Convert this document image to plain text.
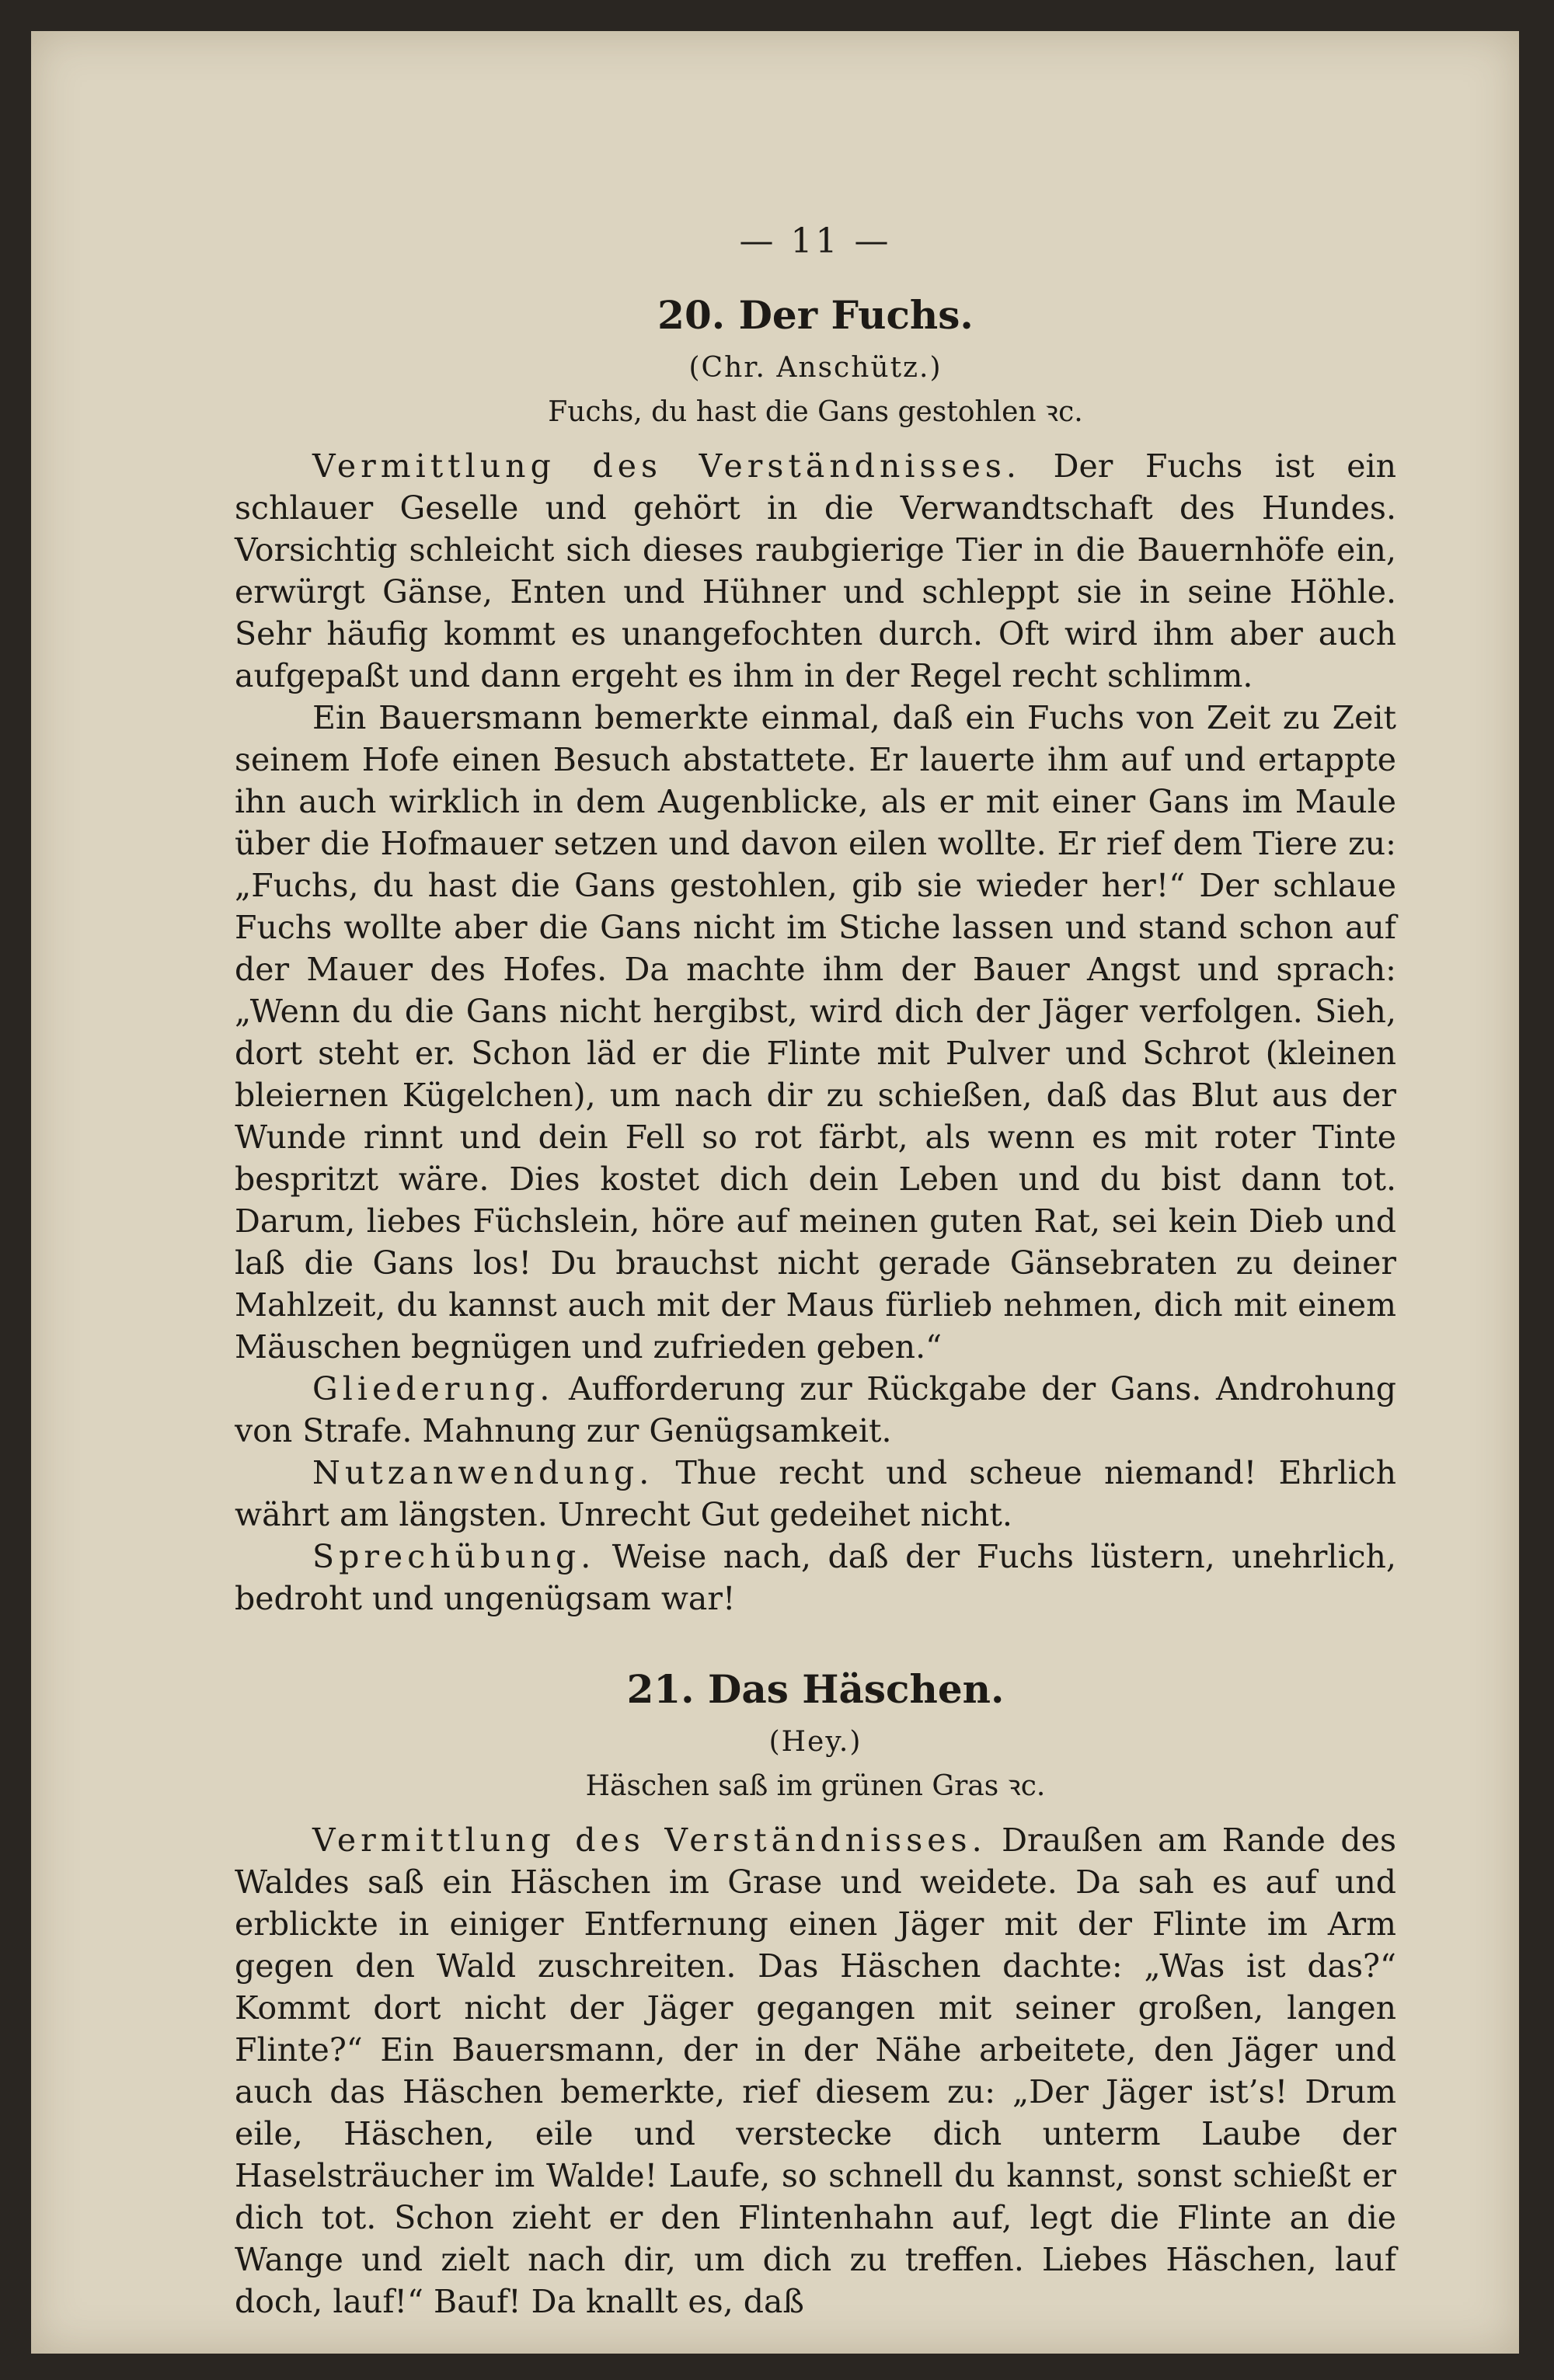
— 11 —
20. Der Fuchs.
(Chr. Anschütz.)
Fuchs, du hast die Gans gestohlen ꝛc.

Vermittlung des Verständnisses. Der Fuchs ist ein schlauer Geselle und gehört in die Verwandtschaft des Hundes. Vorsichtig schleicht sich dieses raubgierige Tier in die Bauernhöfe ein, erwürgt Gänse, Enten und Hühner und schleppt sie in seine Höhle. Sehr häufig kommt es unangefochten durch. Oft wird ihm aber auch aufgepaßt und dann ergeht es ihm in der Regel recht schlimm.

Ein Bauersmann bemerkte einmal, daß ein Fuchs von Zeit zu Zeit seinem Hofe einen Besuch abstattete. Er lauerte ihm auf und ertappte ihn auch wirklich in dem Augenblicke, als er mit einer Gans im Maule über die Hofmauer setzen und davon eilen wollte. Er rief dem Tiere zu: „Fuchs, du hast die Gans gestohlen, gib sie wieder her!“ Der schlaue Fuchs wollte aber die Gans nicht im Stiche lassen und stand schon auf der Mauer des Hofes. Da machte ihm der Bauer Angst und sprach: „Wenn du die Gans nicht hergibst, wird dich der Jäger verfolgen. Sieh, dort steht er. Schon läd er die Flinte mit Pulver und Schrot (kleinen bleiernen Kügelchen), um nach dir zu schießen, daß das Blut aus der Wunde rinnt und dein Fell so rot färbt, als wenn es mit roter Tinte bespritzt wäre. Dies kostet dich dein Leben und du bist dann tot. Darum, liebes Füchslein, höre auf meinen guten Rat, sei kein Dieb und laß die Gans los! Du brauchst nicht gerade Gänsebraten zu deiner Mahlzeit, du kannst auch mit der Maus fürlieb nehmen, dich mit einem Mäuschen begnügen und zufrieden geben.“

Gliederung. Aufforderung zur Rückgabe der Gans. Androhung von Strafe. Mahnung zur Genügsamkeit.

Nutzanwendung. Thue recht und scheue niemand! Ehrlich währt am längsten. Unrecht Gut gedeihet nicht.

Sprechübung. Weise nach, daß der Fuchs lüstern, unehrlich, bedroht und ungenügsam war!

21. Das Häschen.
(Hey.)
Häschen saß im grünen Gras ꝛc.

Vermittlung des Verständnisses. Draußen am Rande des Waldes saß ein Häschen im Grase und weidete. Da sah es auf und erblickte in einiger Entfernung einen Jäger mit der Flinte im Arm gegen den Wald zuschreiten. Das Häschen dachte: „Was ist das?“ Kommt dort nicht der Jäger gegangen mit seiner großen, langen Flinte?“ Ein Bauersmann, der in der Nähe arbeitete, den Jäger und auch das Häschen bemerkte, rief diesem zu: „Der Jäger ist’s! Drum eile, Häschen, eile und verstecke dich unterm Laube der Haselsträucher im Walde! Laufe, so schnell du kannst, sonst schießt er dich tot. Schon zieht er den Flintenhahn auf, legt die Flinte an die Wange und zielt nach dir, um dich zu treffen. Liebes Häschen, lauf doch, lauf!“ Bauf! Da knallt es, daß
